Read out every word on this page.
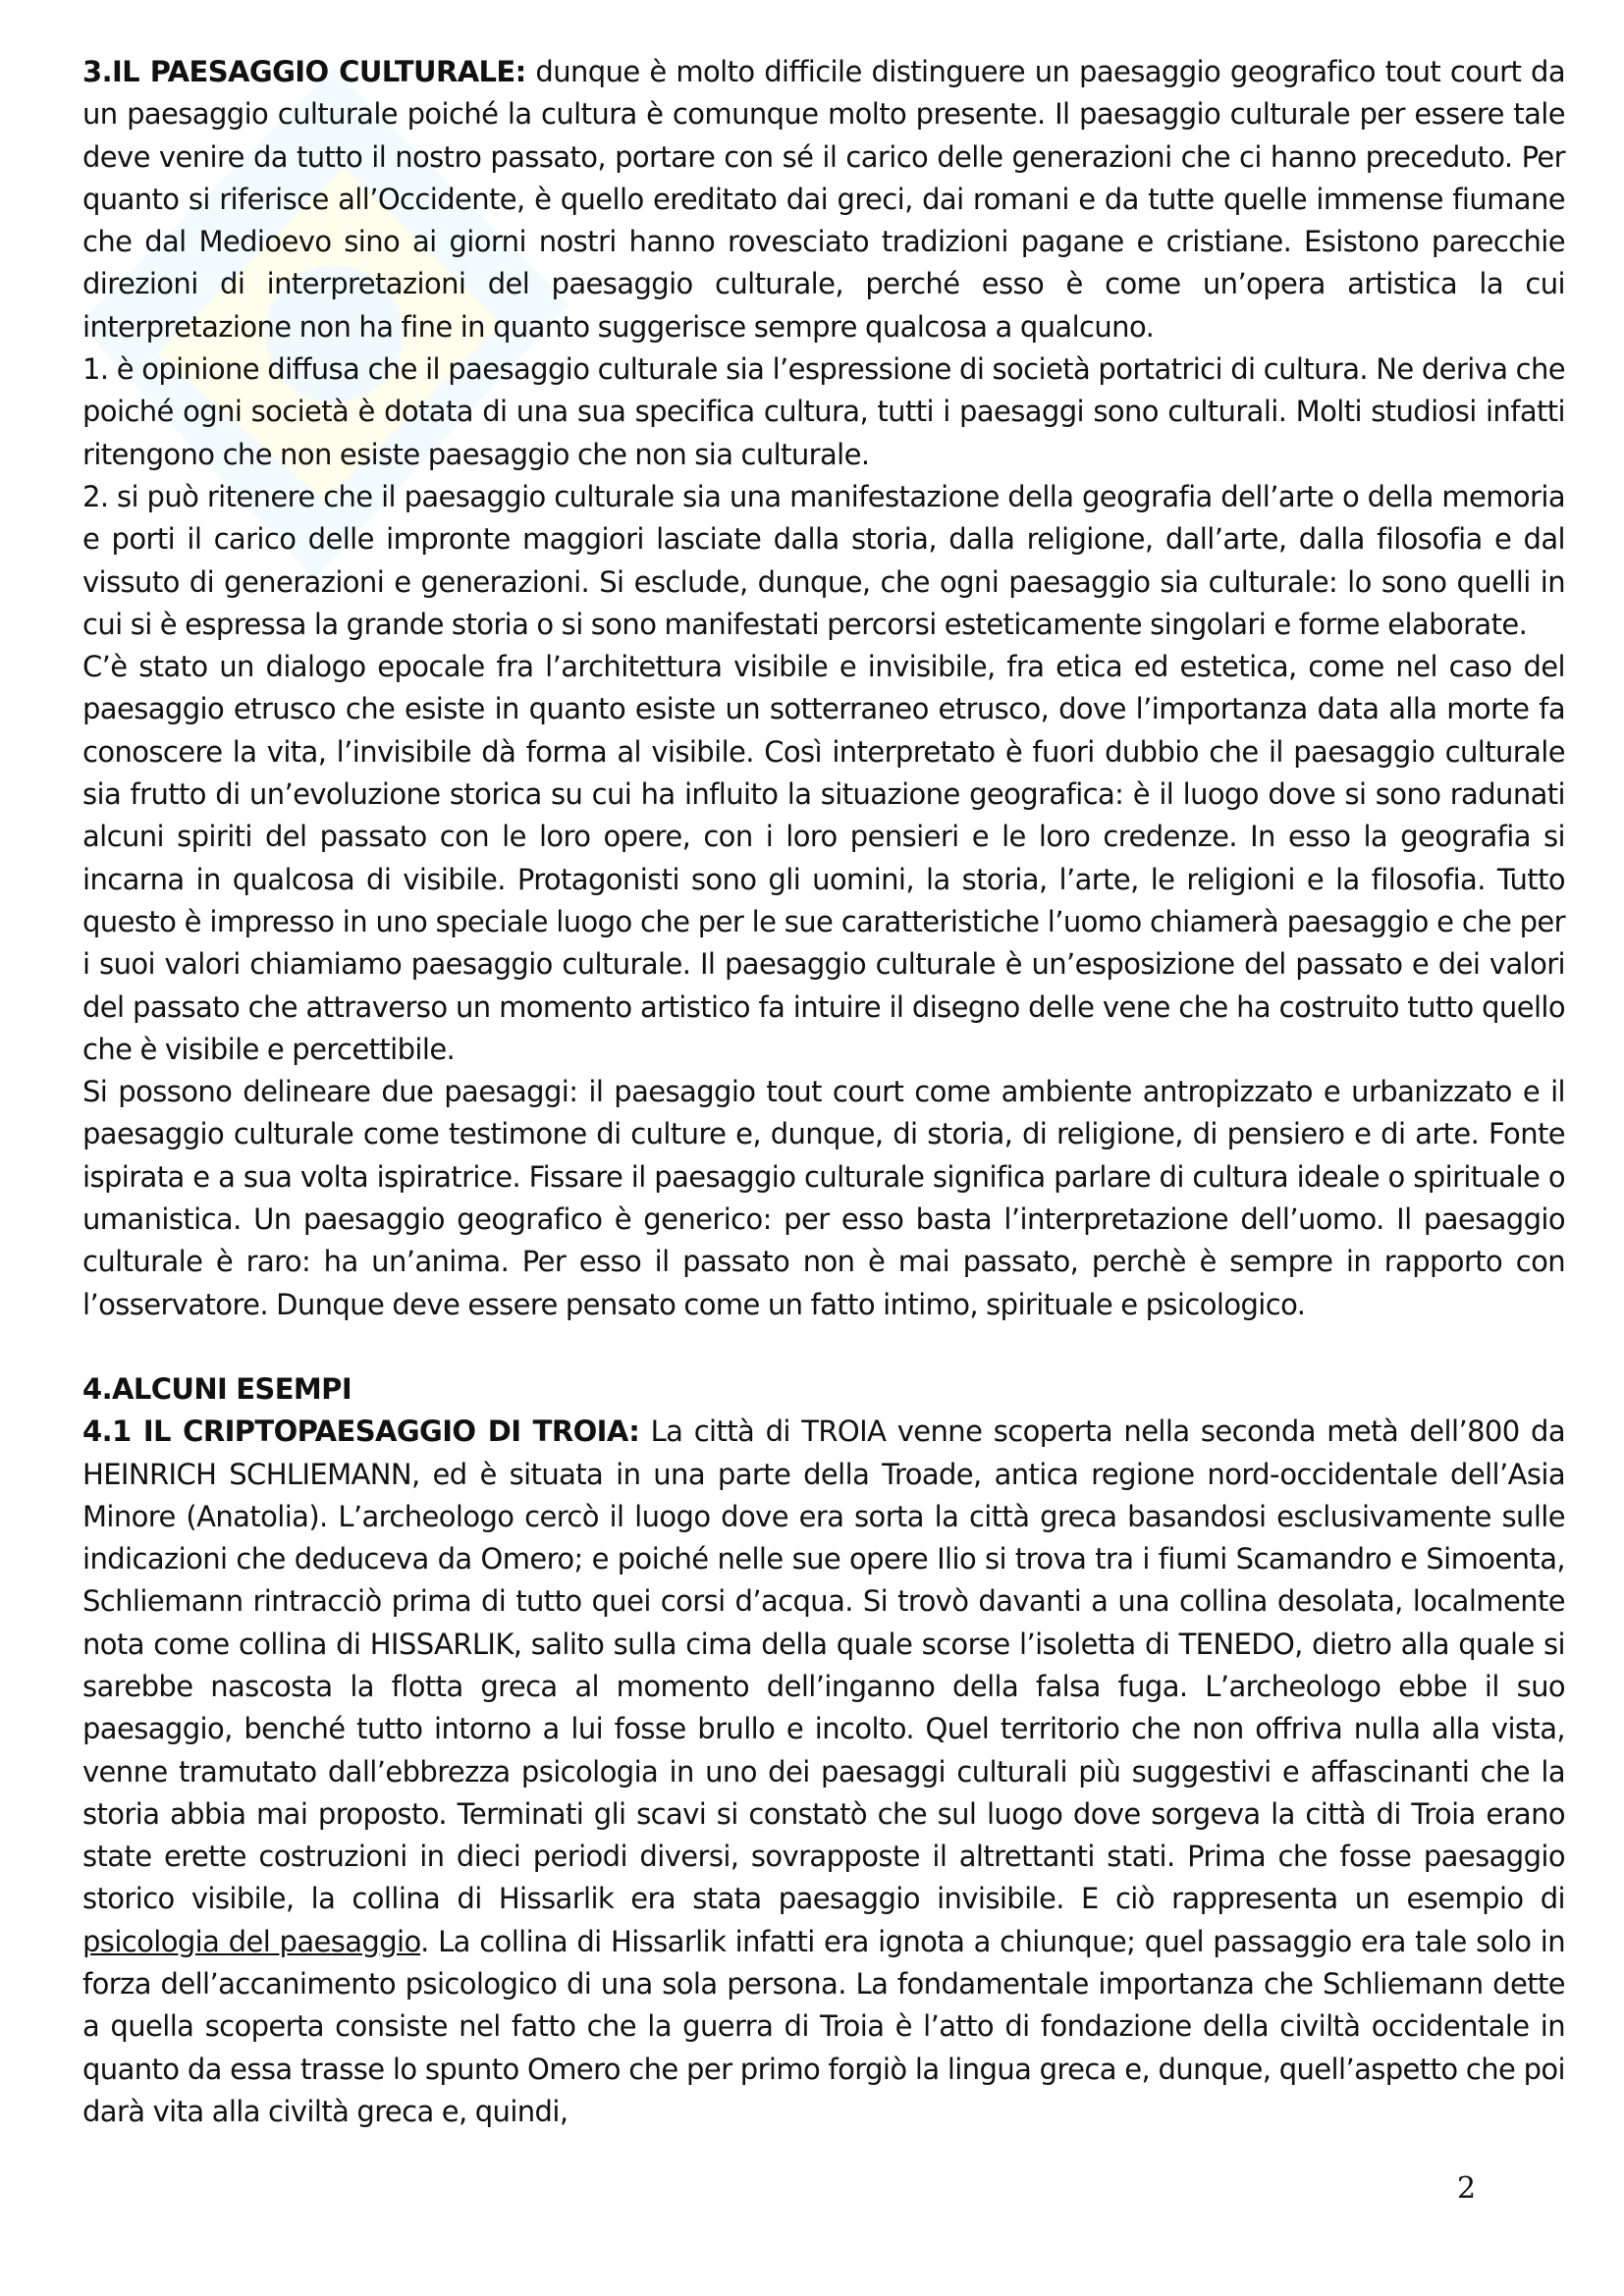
3.IL PAESAGGIO CULTURALE: dunque è molto difficile distinguere un paesaggio geografico tout court da un paesaggio culturale poiché la cultura è comunque molto presente. Il paesaggio culturale per essere tale deve venire da tutto il nostro passato, portare con sé il carico delle generazioni che ci hanno preceduto. Per quanto si riferisce all’Occidente, è quello ereditato dai greci, dai romani e da tutte quelle immense fiumane che dal Medioevo sino ai giorni nostri hanno rovesciato tradizioni pagane e cristiane. Esistono parecchie direzioni di interpretazioni del paesaggio culturale, perché esso è come un’opera artistica la cui interpretazione non ha fine in quanto suggerisce sempre qualcosa a qualcuno.

1. è opinione diffusa che il paesaggio culturale sia l’espressione di società portatrici di cultura. Ne deriva che poiché ogni società è dotata di una sua specifica cultura, tutti i paesaggi sono culturali. Molti studiosi infatti ritengono che non esiste paesaggio che non sia culturale.

2. si può ritenere che il paesaggio culturale sia una manifestazione della geografia dell’arte o della memoria e porti il carico delle impronte maggiori lasciate dalla storia, dalla religione, dall’arte, dalla filosofia e dal vissuto di generazioni e generazioni. Si esclude, dunque, che ogni paesaggio sia culturale: lo sono quelli in cui si è espressa la grande storia o si sono manifestati percorsi esteticamente singolari e forme elaborate.

C’è stato un dialogo epocale fra l’architettura visibile e invisibile, fra etica ed estetica, come nel caso del paesaggio etrusco che esiste in quanto esiste un sotterraneo etrusco, dove l’importanza data alla morte fa conoscere la vita, l’invisibile dà forma al visibile. Così interpretato è fuori dubbio che il paesaggio culturale sia frutto di un’evoluzione storica su cui ha influito la situazione geografica: è il luogo dove si sono radunati alcuni spiriti del passato con le loro opere, con i loro pensieri e le loro credenze. In esso la geografia si incarna in qualcosa di visibile. Protagonisti sono gli uomini, la storia, l’arte, le religioni e la filosofia. Tutto questo è impresso in uno speciale luogo che per le sue caratteristiche l’uomo chiamerà paesaggio e che per i suoi valori chiamiamo paesaggio culturale. Il paesaggio culturale è un’esposizione del passato e dei valori del passato che attraverso un momento artistico fa intuire il disegno delle vene che ha costruito tutto quello che è visibile e percettibile.

Si possono delineare due paesaggi: il paesaggio tout court come ambiente antropizzato e urbanizzato e il paesaggio culturale come testimone di culture e, dunque, di storia, di religione, di pensiero e di arte. Fonte ispirata e a sua volta ispiratrice. Fissare il paesaggio culturale significa parlare di cultura ideale o spirituale o umanistica. Un paesaggio geografico è generico: per esso basta l’interpretazione dell’uomo. Il paesaggio culturale è raro: ha un’anima. Per esso il passato non è mai passato, perchè è sempre in rapporto con l’osservatore. Dunque deve essere pensato come un fatto intimo, spirituale e psicologico.

4.ALCUNI ESEMPI

4.1 IL CRIPTOPAESAGGIO DI TROIA: La città di TROIA venne scoperta nella seconda metà dell’800 da HEINRICH SCHLIEMANN, ed è situata in una parte della Troade, antica regione nord-occidentale dell’Asia Minore (Anatolia). L’archeologo cercò il luogo dove era sorta la città greca basandosi esclusivamente sulle indicazioni che deduceva da Omero; e poiché nelle sue opere Ilio si trova tra i fiumi Scamandro e Simoenta, Schliemann rintracciò prima di tutto quei corsi d’acqua. Si trovò davanti a una collina desolata, localmente nota come collina di HISSARLIK, salito sulla cima della quale scorse l’isoletta di TENEDO, dietro alla quale si sarebbe nascosta la flotta greca al momento dell’inganno della falsa fuga. L’archeologo ebbe il suo paesaggio, benché tutto intorno a lui fosse brullo e incolto. Quel territorio che non offriva nulla alla vista, venne tramutato dall’ebbrezza psicologia in uno dei paesaggi culturali più suggestivi e affascinanti che la storia abbia mai proposto. Terminati gli scavi si constatò che sul luogo dove sorgeva la città di Troia erano state erette costruzioni in dieci periodi diversi, sovrapposte il altrettanti stati. Prima che fosse paesaggio storico visibile, la collina di Hissarlik era stata paesaggio invisibile. E ciò rappresenta un esempio di psicologia del paesaggio. La collina di Hissarlik infatti era ignota a chiunque; quel passaggio era tale solo in forza dell’accanimento psicologico di una sola persona. La fondamentale importanza che Schliemann dette a quella scoperta consiste nel fatto che la guerra di Troia è l’atto di fondazione della civiltà occidentale in quanto da essa trasse lo spunto Omero che per primo forgiò la lingua greca e, dunque, quell’aspetto che poi darà vita alla civiltà greca e, quindi,

2
